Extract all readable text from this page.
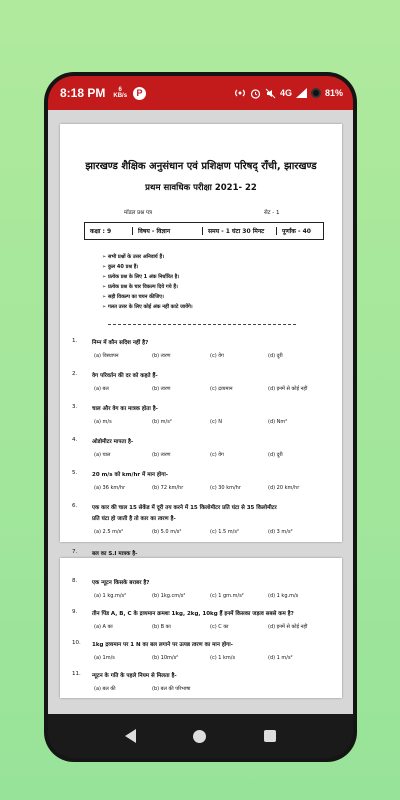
8:18 PM	6
KB/s	P	4G	81%
झारखण्ड शैक्षिक अनुसंधान एवं प्रशिक्षण परिषद् राँची, झारखण्ड
प्रथम सावधिक परीक्षा 2021- 22
मॉडल प्रश्न पत्र	सेट - 1
कक्षा : 9	विषय - विज्ञान	समय - 1 घंटा 30 मिनट	पूर्णांक - 40
➢ सभी प्रश्नों के उत्तर अनिवार्य हैं।
➢ कुल 40 प्रश्न हैं।
➢ प्रत्येक प्रश्न के लिए 1 अंक निर्धारित है।
➢ प्रत्येक प्रश्न के चार विकल्प दिये गये हैं।
➢ सही विकल्प का चयन कीजिए।
➢ गलत उत्तर के लिए कोई अंक नहीं काटे जायेंगे।
1.	निम्न में कौन सदिश नहीं है?
(a) विस्थापन	(b) त्वरण	(c) वेग	(d) दूरी
2.	वेग परिवर्तन की दर को कहते हैं-
(a) बल	(b) त्वरण	(c) द्रव्यमान	(d) इनमें से कोई नहीं
3.	चाल और वेग का मात्रक होता है-
(a) m/s	(b) m/s²	(c) N	(d) Nm²
4.	ओडोमीटर मापता है-
(a) चाल	(b) त्वरण	(c) वेग	(d) दूरी
5.	20 m/s को km/hr में मान होगा-
(a) 36 km/hr	(b) 72 km/hr	(c) 30 km/hr	(d) 20 km/hr
6.	एक कार की चाल 15 सेकेंड में दूरी तय करने में 15 किलोमीटर प्रति घंटा से 35 किलोमीटर
प्रति घंटा हो जाती है तो कार का त्वरण है-
(a) 2.5 m/s²	(b) 5.0 m/s²	(c) 1.5 m/s²	(d) 3 m/s²
7.	बल का S.I मात्रक है-
8.	एक न्यूटन किसके बराबर है?
(a) 1 kg.m/s²	(b) 1kg.cm/s²	(c) 1 gm.m/s²	(d) 1 kg.m/s
9.	तीन पिंड A, B, C के द्रव्यमान क्रमशः 1kg, 2kg, 10kg हैं इनमें किसका जड़त्व सबसे कम है?
(a) A का	(b) B का	(c) C का	(d) इनमें से कोई नहीं
10. 1kg द्रव्यमान पर 1 N का बल लगाने पर उत्पन्न त्वरण का मान होगा-
(a) 1m/s	(b) 10m/s²	(c) 1 km/s	(d) 1 m/s²
11. न्यूटन के गति के पहले नियम से मिलता है-
(a) बल की	(b) बल की परिभाषा
